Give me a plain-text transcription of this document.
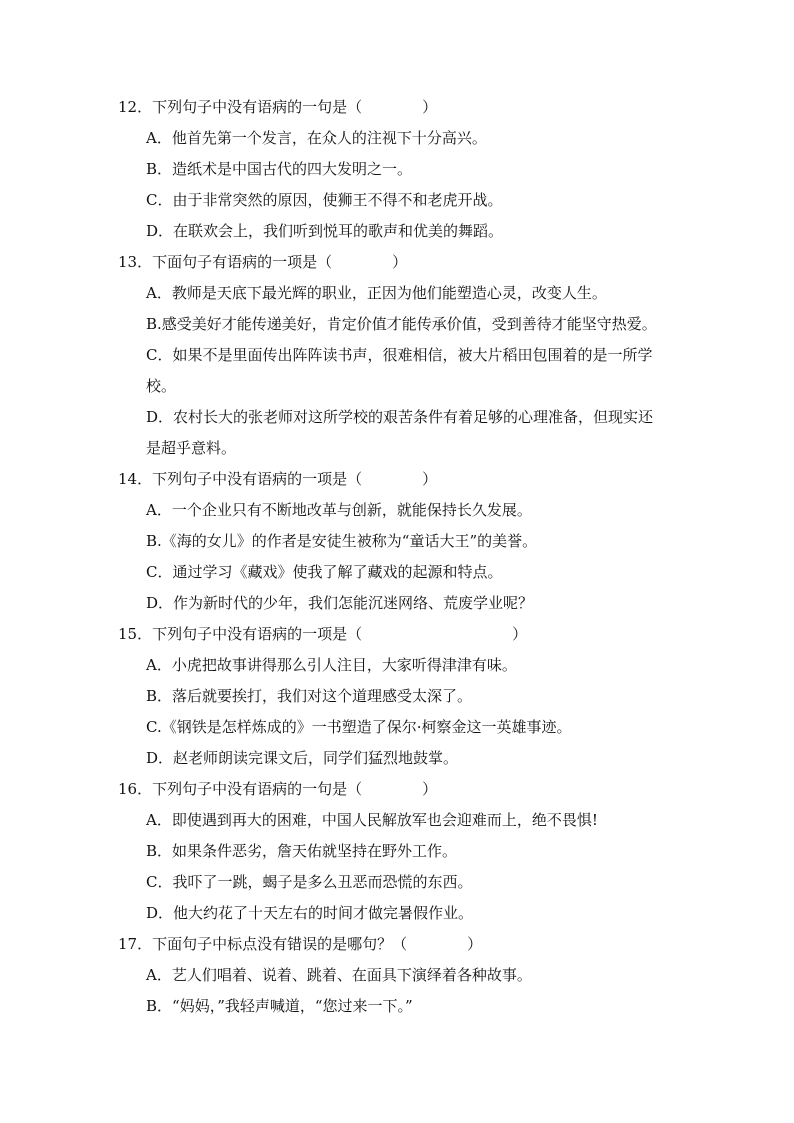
12．下列句子中没有语病的一句是（　　　　）
A．他首先第一个发言，在众人的注视下十分高兴。
B．造纸术是中国古代的四大发明之一。
C．由于非常突然的原因，使狮王不得不和老虎开战。
D．在联欢会上，我们听到悦耳的歌声和优美的舞蹈。
13．下面句子有语病的一项是（　　　　）
A．教师是天底下最光辉的职业，正因为他们能塑造心灵，改变人生。
B.感受美好才能传递美好，肯定价值才能传承价值，受到善待才能坚守热爱。
C．如果不是里面传出阵阵读书声，很难相信，被大片稻田包围着的是一所学
校。
D．农村长大的张老师对这所学校的艰苦条件有着足够的心理准备，但现实还
是超乎意料。
14．下列句子中没有语病的一项是（　　　　）
A．一个企业只有不断地改革与创新，就能保持长久发展。
B.《海的女儿》的作者是安徒生被称为“童话大王”的美誉。
C．通过学习《藏戏》使我了解了藏戏的起源和特点。
D．作为新时代的少年，我们怎能沉迷网络、荒废学业呢？
15．下列句子中没有语病的一项是（　　　　　　　　　　）
A．小虎把故事讲得那么引人注目，大家听得津津有味。
B．落后就要挨打，我们对这个道理感受太深了。
C.《钢铁是怎样炼成的》一书塑造了保尔·柯察金这一英雄事迹。
D．赵老师朗读完课文后，同学们猛烈地鼓掌。
16．下列句子中没有语病的一句是（　　　　）
A．即使遇到再大的困难，中国人民解放军也会迎难而上，绝不畏惧!
B．如果条件恶劣，詹天佑就坚持在野外工作。
C．我吓了一跳，蝎子是多么丑恶而恐慌的东西。
D．他大约花了十天左右的时间才做完暑假作业。
17．下面句子中标点没有错误的是哪句？（　　　　）
A．艺人们唱着、说着、跳着、在面具下演绎着各种故事。
B．“妈妈，”我轻声喊道，“您过来一下。”
